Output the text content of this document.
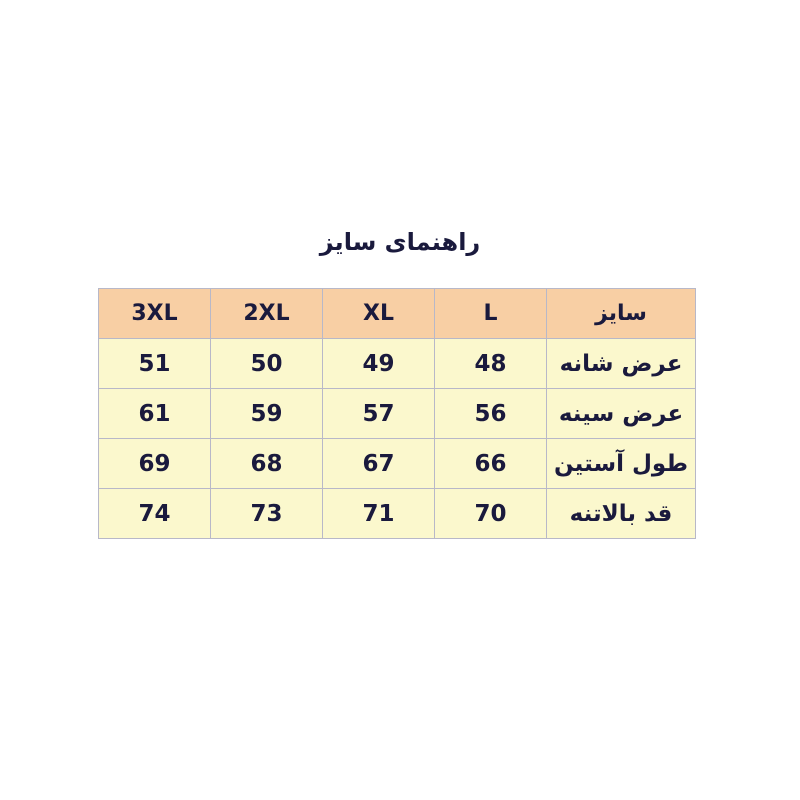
راهنمای سایز
سایز	L	XL	2XL	3XL
عرض شانه	48	49	50	51
عرض سینه	56	57	59	61
طول آستین	66	67	68	69
قد بالاتنه	70	71	73	74
